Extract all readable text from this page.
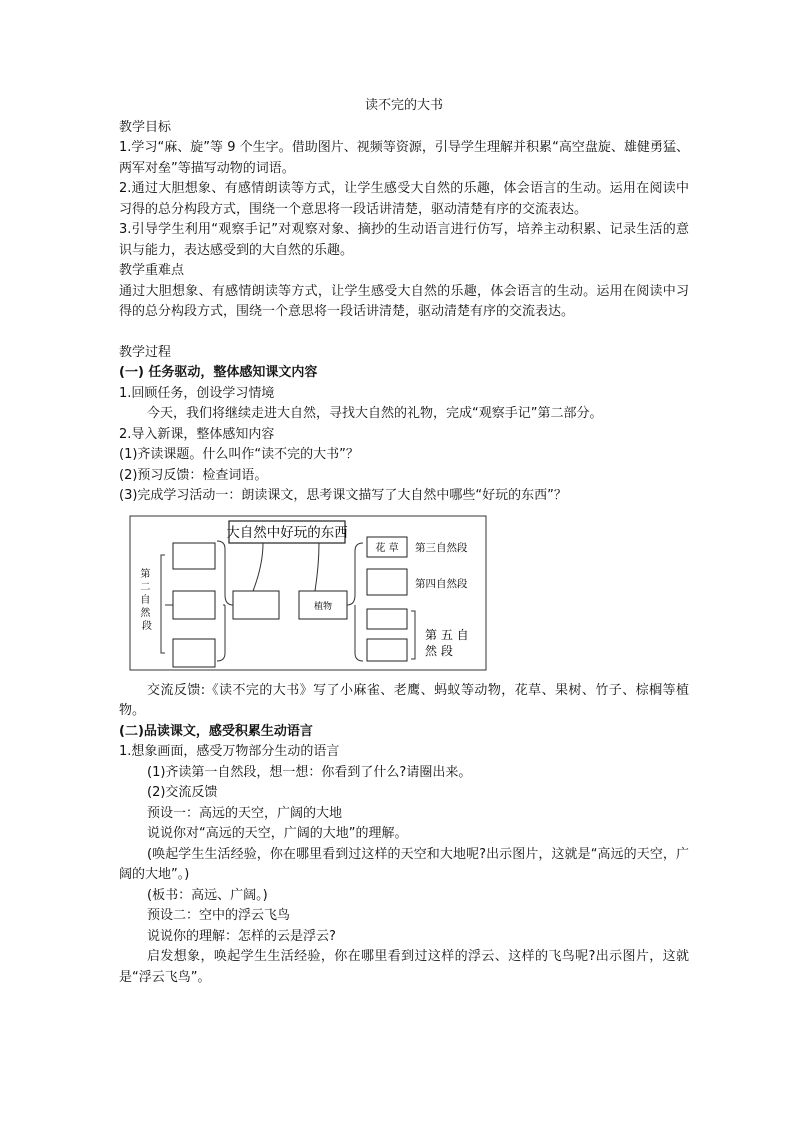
读不完的大书

教学目标

1.学习“麻、旋”等 9 个生字。借助图片、视频等资源，引导学生理解并积累“高空盘旋、雄健勇猛、两军对垒”等描写动物的词语。

2.通过大胆想象、有感情朗读等方式，让学生感受大自然的乐趣，体会语言的生动。运用在阅读中习得的总分构段方式，围绕一个意思将一段话讲清楚，驱动清楚有序的交流表达。

3.引导学生利用“观察手记”对观察对象、摘抄的生动语言进行仿写，培养主动积累、记录生活的意识与能力，表达感受到的大自然的乐趣。

教学重难点

通过大胆想象、有感情朗读等方式，让学生感受大自然的乐趣，体会语言的生动。运用在阅读中习得的总分构段方式，围绕一个意思将一段话讲清楚，驱动清楚有序的交流表达。

教学过程

(一) 任务驱动，整体感知课文内容

1.回顾任务，创设学习情境

今天，我们将继续走进大自然，寻找大自然的礼物，完成“观察手记”第二部分。

2.导入新课，整体感知内容

(1)齐读课题。什么叫作“读不完的大书”？

(2)预习反馈：检查词语。

(3)完成学习活动一：朗读课文，思考课文描写了大自然中哪些“好玩的东西”？

大自然中好玩的东西
植物
第 二 自 然 段
花 草 第三自然段
第四自然段
第 五 自
然 段

交流反馈:《读不完的大书》写了小麻雀、老鹰、蚂蚁等动物，花草、果树、竹子、棕榈等植物。

(二)品读课文，感受积累生动语言

1.想象画面，感受万物部分生动的语言

(1)齐读第一自然段，想一想：你看到了什么?请圈出来。

(2)交流反馈

预设一：高远的天空，广阔的大地

说说你对“高远的天空，广阔的大地”的理解。

(唤起学生生活经验，你在哪里看到过这样的天空和大地呢?出示图片，这就是“高远的天空，广阔的大地”。)

(板书：高远、广阔。)

预设二：空中的浮云飞鸟

说说你的理解：怎样的云是浮云?

启发想象，唤起学生生活经验，你在哪里看到过这样的浮云、这样的飞鸟呢?出示图片，这就是“浮云飞鸟”。
